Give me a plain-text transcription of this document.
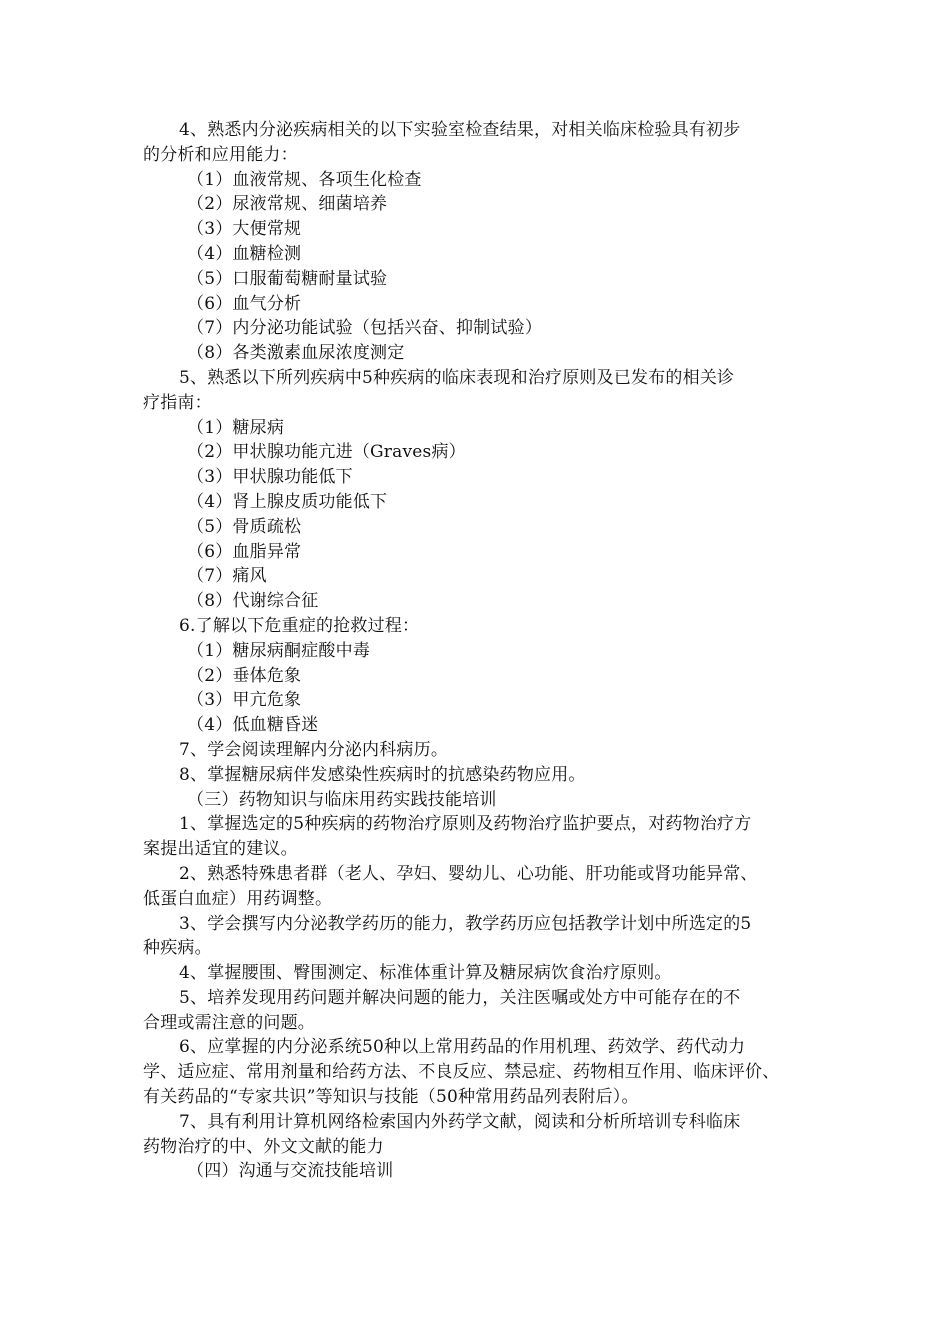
4、熟悉内分泌疾病相关的以下实验室检查结果，对相关临床检验具有初步
的分析和应用能力：
（1）血液常规、各项生化检查
（2）尿液常规、细菌培养
（3）大便常规
（4）血糖检测
（5）口服葡萄糖耐量试验
（6）血气分析
（7）内分泌功能试验（包括兴奋、抑制试验）
（8）各类激素血尿浓度测定
5、熟悉以下所列疾病中5种疾病的临床表现和治疗原则及已发布的相关诊
疗指南：
（1）糖尿病
（2）甲状腺功能亢进（Graves病）
（3）甲状腺功能低下
（4）肾上腺皮质功能低下
（5）骨质疏松
（6）血脂异常
（7）痛风
（8）代谢综合征
6.了解以下危重症的抢救过程：
（1）糖尿病酮症酸中毒
（2）垂体危象
（3）甲亢危象
（4）低血糖昏迷
7、学会阅读理解内分泌内科病历。
8、掌握糖尿病伴发感染性疾病时的抗感染药物应用。
（三）药物知识与临床用药实践技能培训
1、掌握选定的5种疾病的药物治疗原则及药物治疗监护要点，对药物治疗方
案提出适宜的建议。
2、熟悉特殊患者群（老人、孕妇、婴幼儿、心功能、肝功能或肾功能异常、
低蛋白血症）用药调整。
3、学会撰写内分泌教学药历的能力，教学药历应包括教学计划中所选定的5
种疾病。
4、掌握腰围、臀围测定、标准体重计算及糖尿病饮食治疗原则。
5、培养发现用药问题并解决问题的能力，关注医嘱或处方中可能存在的不
合理或需注意的问题。
6、应掌握的内分泌系统50种以上常用药品的作用机理、药效学、药代动力
学、适应症、常用剂量和给药方法、不良反应、禁忌症、药物相互作用、临床评价、
有关药品的“专家共识”等知识与技能（50种常用药品列表附后）。
7、具有利用计算机网络检索国内外药学文献，阅读和分析所培训专科临床
药物治疗的中、外文文献的能力
（四）沟通与交流技能培训
